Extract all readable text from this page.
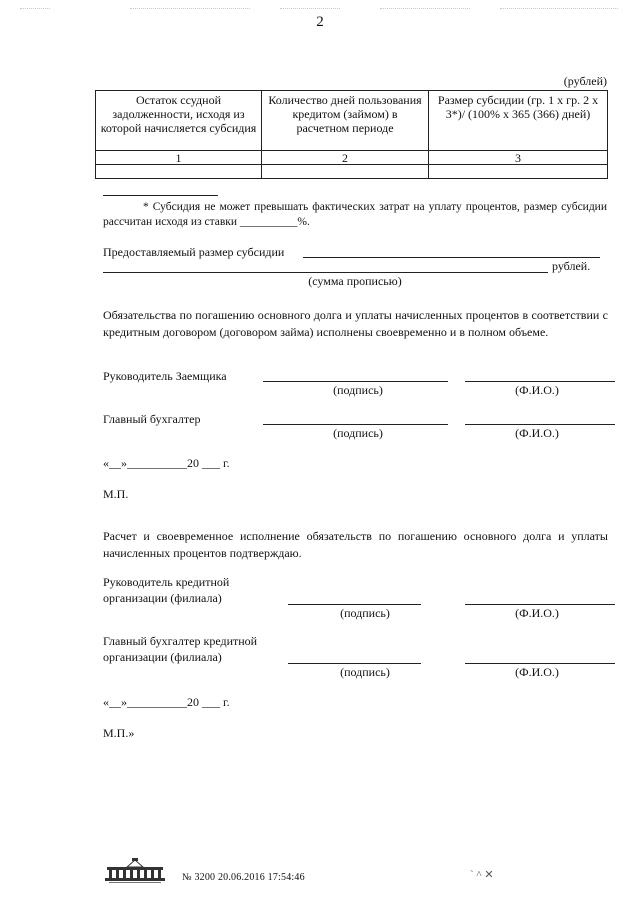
2
(рублей)
Остаток ссудной задолженности, исходя из которой начисляется субсидия	Количество дней пользования кредитом (займом) в расчетном периоде	Размер субсидии (гр. 1 х гр. 2 х 3*)/ (100% х 365 (366) дней)
1	2	3

* Субсидия не может превышать фактических затрат на уплату процентов, размер субсидии рассчитан исходя из ставки __________%.
Предоставляемый размер субсидии
рублей.
(сумма прописью)
Обязательства по погашению основного долга и уплаты начисленных процентов в соответствии с кредитным договором (договором займа) исполнены своевременно и в полном объеме.
Руководитель Заемщика
(подпись)	(Ф.И.О.)
Главный бухгалтер
(подпись)	(Ф.И.О.)
«__»__________20 ___ г.
М.П.
Расчет и своевременное исполнение обязательств по погашению основного долга и уплаты начисленных процентов подтверждаю.
Руководитель кредитной
организации (филиала)
(подпись)	(Ф.И.О.)
Главный бухгалтер кредитной
организации (филиала)
(подпись)	(Ф.И.О.)
«__»__________20 ___ г.
М.П.»
№ 3200 20.06.2016 17:54:46	` ^ ✕
